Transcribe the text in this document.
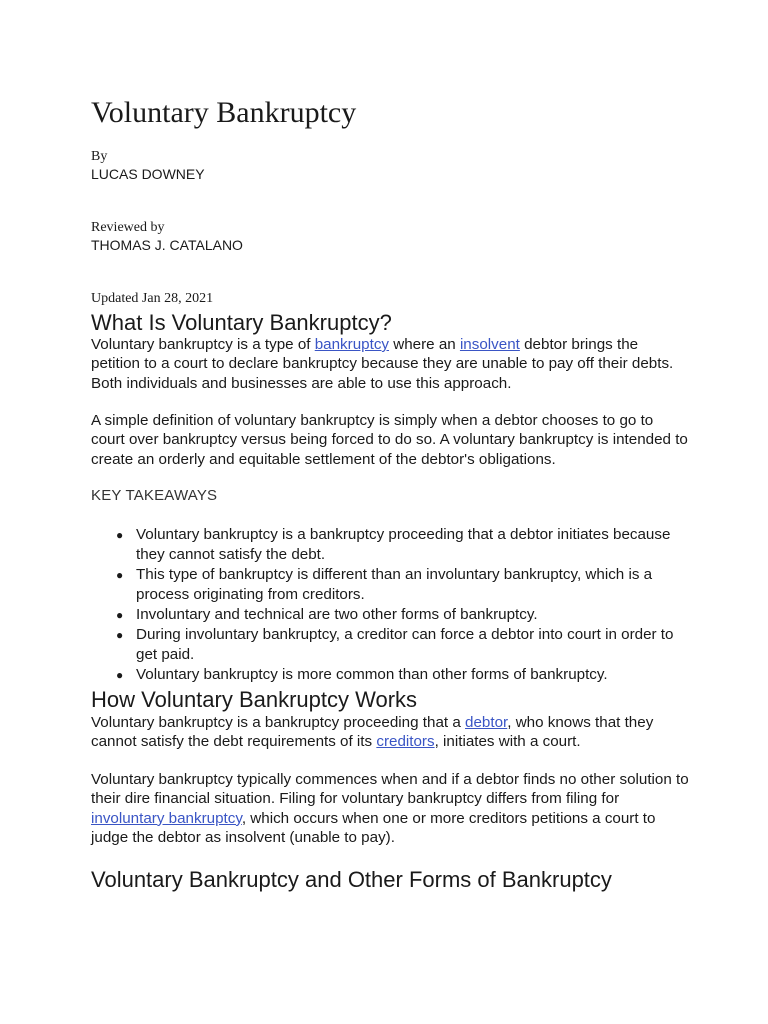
Voluntary Bankruptcy
By
LUCAS DOWNEY
Reviewed by
THOMAS J. CATALANO
Updated Jan 28, 2021
What Is Voluntary Bankruptcy?

Voluntary bankruptcy is a type of bankruptcy where an insolvent debtor brings the petition to a court to declare bankruptcy because they are unable to pay off their debts. Both individuals and businesses are able to use this approach.

A simple definition of voluntary bankruptcy is simply when a debtor chooses to go to court over bankruptcy versus being forced to do so. A voluntary bankruptcy is intended to create an orderly and equitable settlement of the debtor's obligations.

KEY TAKEAWAYS
● Voluntary bankruptcy is a bankruptcy proceeding that a debtor initiates because they cannot satisfy the debt.
● This type of bankruptcy is different than an involuntary bankruptcy, which is a process originating from creditors.
● Involuntary and technical are two other forms of bankruptcy.
● During involuntary bankruptcy, a creditor can force a debtor into court in order to get paid.
● Voluntary bankruptcy is more common than other forms of bankruptcy.
How Voluntary Bankruptcy Works

Voluntary bankruptcy is a bankruptcy proceeding that a debtor, who knows that they cannot satisfy the debt requirements of its creditors, initiates with a court.

Voluntary bankruptcy typically commences when and if a debtor finds no other solution to their dire financial situation. Filing for voluntary bankruptcy differs from filing for involuntary bankruptcy, which occurs when one or more creditors petitions a court to judge the debtor as insolvent (unable to pay).

Voluntary Bankruptcy and Other Forms of Bankruptcy
